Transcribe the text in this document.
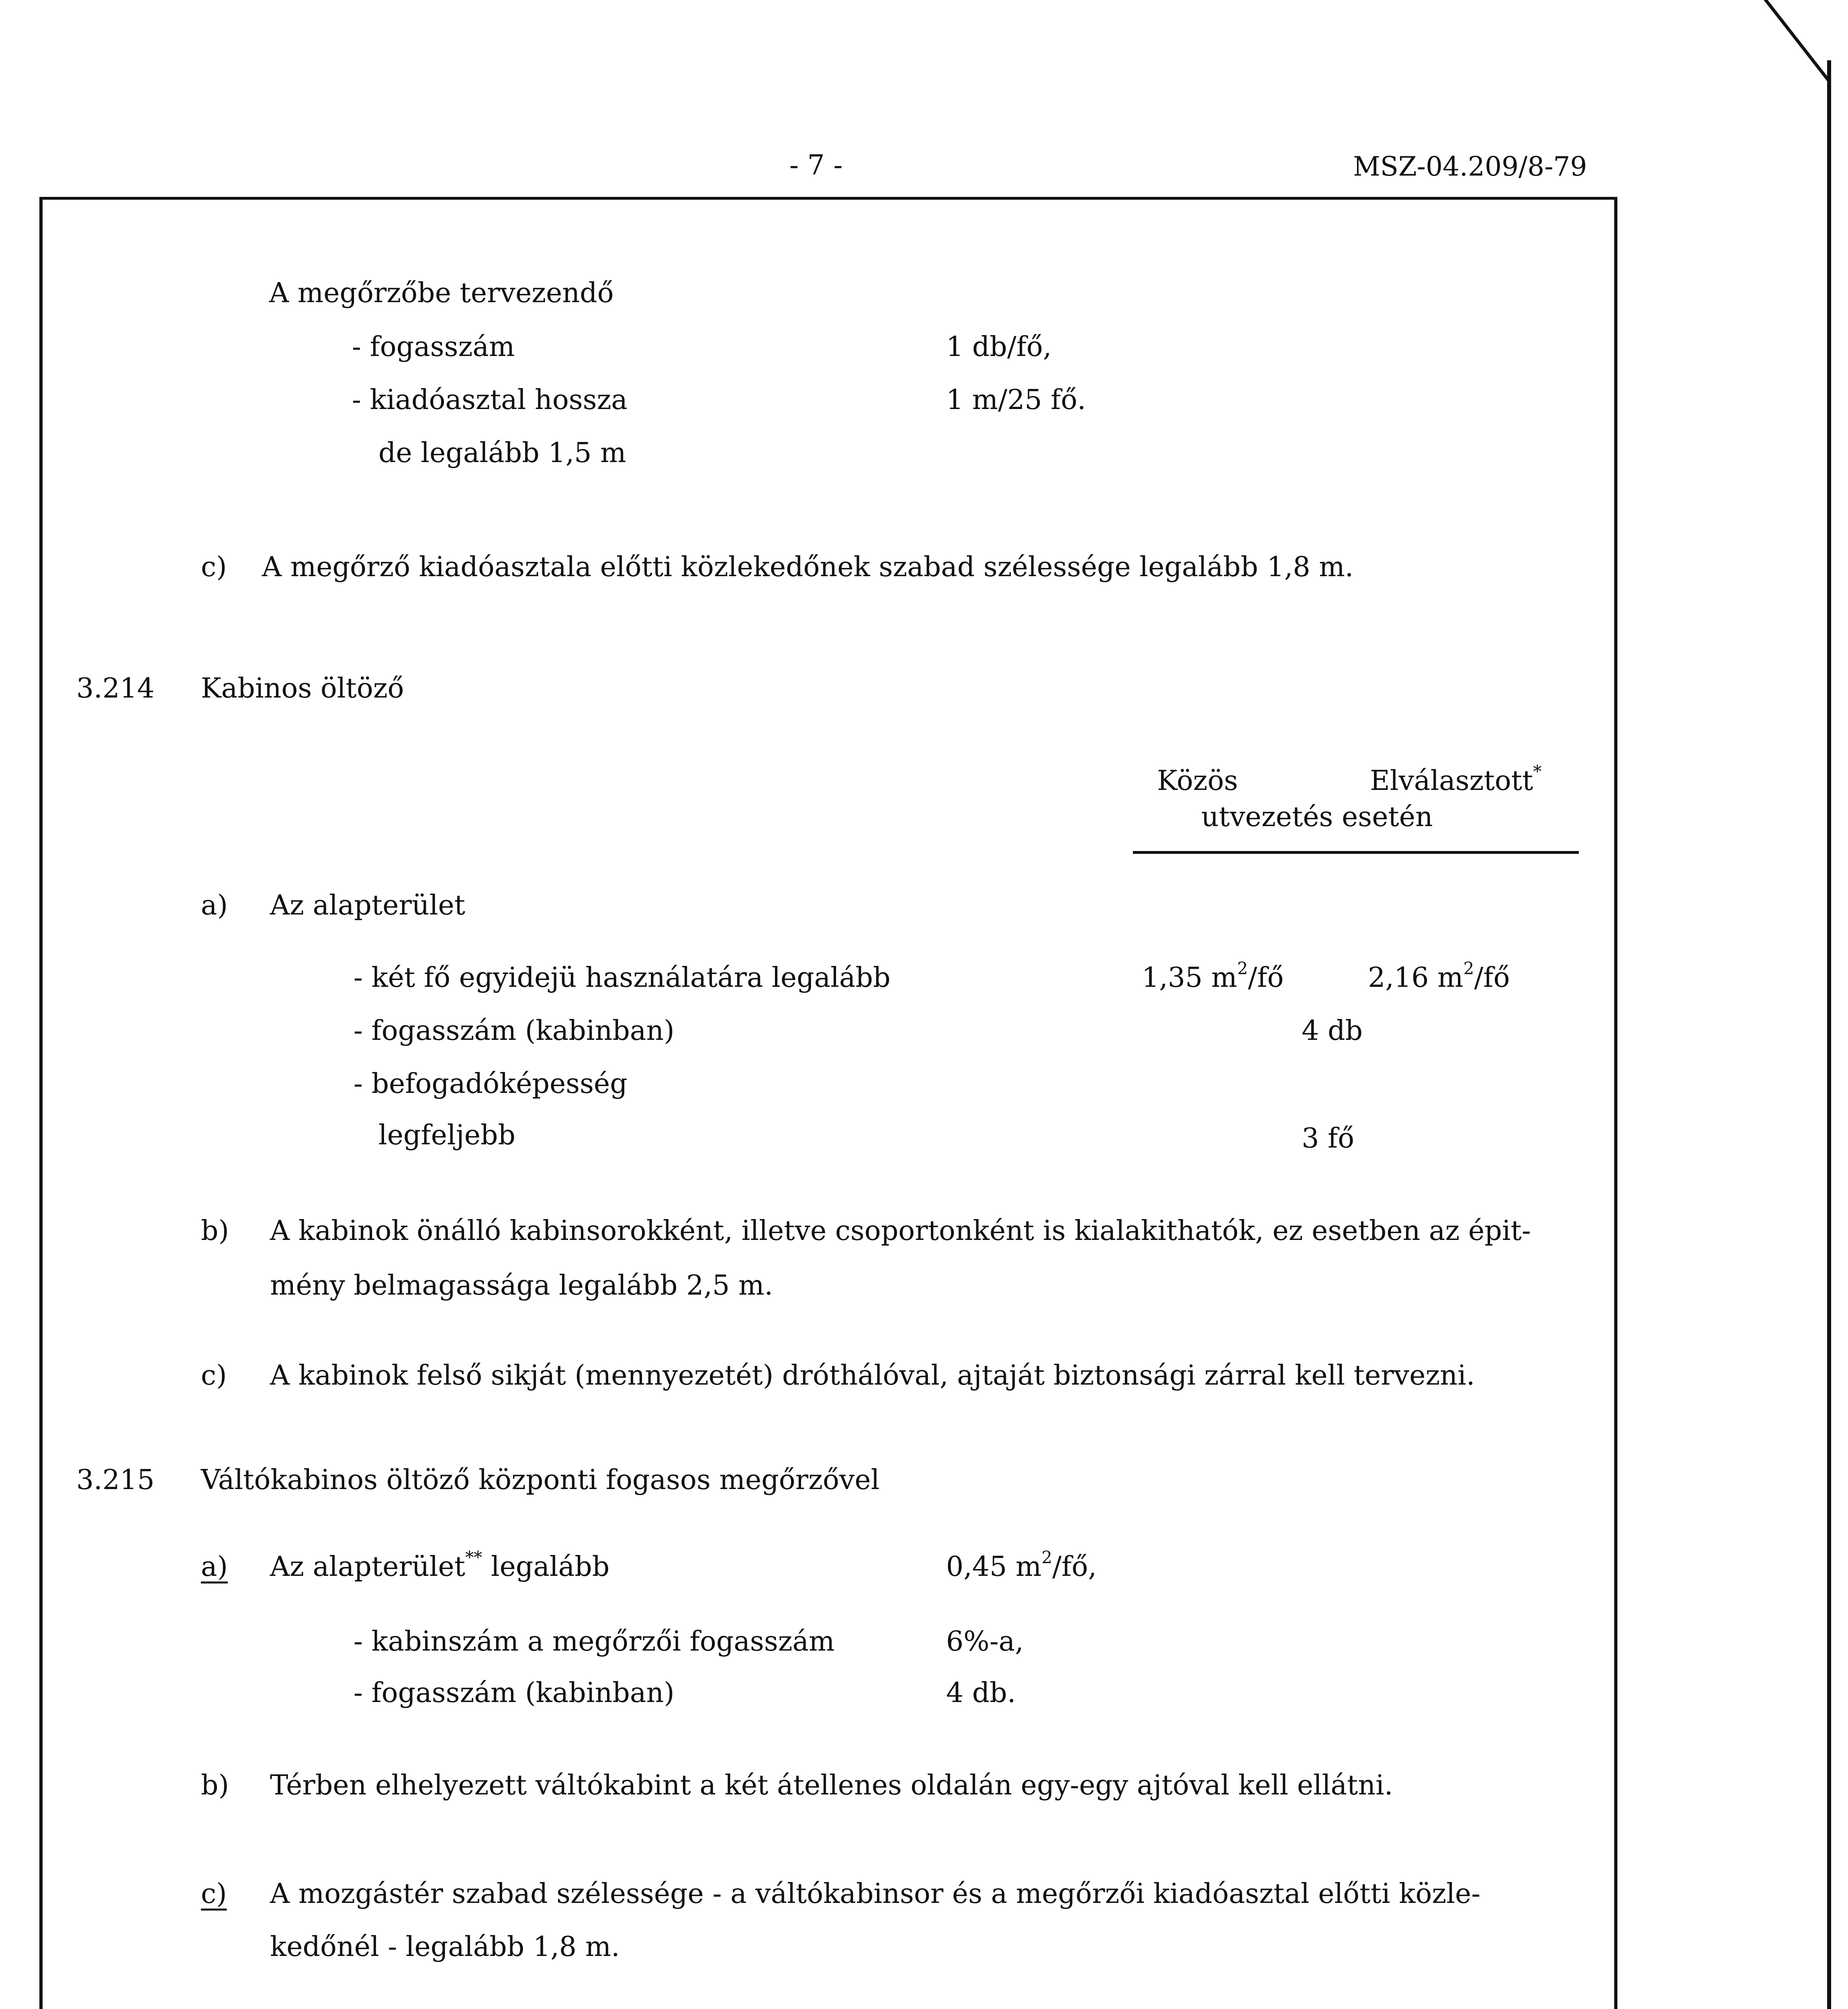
- 7 -	MSZ-04.209/8-79

A megőrzőbe tervezendő

- fogasszám	1 db/fő,

- kiadóasztal hossza	1 m/25 fő.

de legalább 1,5 m

c) A megőrző kiadóasztala előtti közlekedőnek szabad szélessége legalább 1,8 m.

3.214 Kabinos öltöző

Közös	Elválasztott*

utvezetés esetén

a) Az alapterület

- két fő egyidejü használatára legalább	1,35 $m^2/fő$	2,16 $m^2/fő$

- fogasszám (kabinban)	4 db

- befogadóképesség

legfeljebb	3 fő

b) A kabinok önálló kabinsorokként, illetve csoportonként is kialakithatók, ez esetben az épit-

mény belmagassága legalább 2,5 m.

c) A kabinok felső sikját (mennyezetét) dróthálóval, ajtaját biztonsági zárral kell tervezni.

3.215 Váltókabinos öltöző központi fogasos megőrzővel

a) Az alapterület** legalább	0,45 $m^2/fő$,

- kabinszám a megőrzői fogasszám	6%-a,

- fogasszám (kabinban)	4 db.

b) Térben elhelyezett váltókabint a két átellenes oldalán egy-egy ajtóval kell ellátni.

c) A mozgástér szabad szélessége - a váltókabinsor és a megőrzői kiadóasztal előtti közle-

kedőnél - legalább 1,8 m.
